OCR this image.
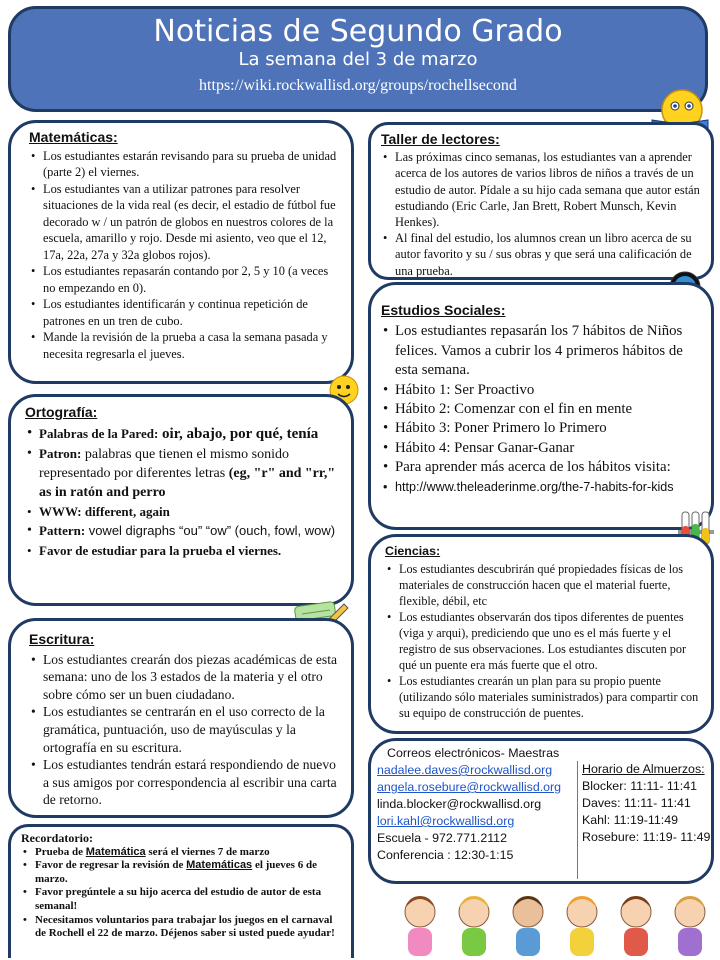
Noticias de Segundo Grado
La semana del 3 de marzo
https://wiki.rockwallisd.org/groups/rochellsecond
Matemáticas:
• Los estudiantes estarán revisando para su prueba de unidad (parte 2) el viernes.
• Los estudiantes van a utilizar patrones para resolver situaciones de la vida real (es decir, el estadio de fútbol fue decorado w / un patrón de globos en nuestros colores de la escuela, amarillo y rojo. Desde mi asiento, veo que el 12, 17a, 22a, 27a y 32a globos rojos).
• Los estudiantes repasarán contando por 2, 5 y 10 (a veces no empezando en 0).
• Los estudiantes identificarán y continua repetición de patrones en un tren de cubo.
• Mande la revisión de la prueba a casa la semana pasada y necesita regresarla el jueves.
Taller de lectores:
• Las próximas cinco semanas, los estudiantes van a aprender acerca de los autores de varios libros de niños a través de un estudio de autor. Pídale a su hijo cada semana que autor están estudiando (Eric Carle, Jan Brett, Robert Munsch, Kevin Henkes).
• Al final del estudio, los alumnos crean un libro acerca de su autor favorito y su / sus obras y que será una calificación de una prueba.
Estudios Sociales:
• Los estudiantes repasarán los 7 hábitos de Niños felices. Vamos a cubrir los 4 primeros hábitos de esta semana.
• Hábito 1: Ser Proactivo
• Hábito 2: Comenzar con el fin en mente
• Hábito 3: Poner Primero lo Primero
• Hábito 4: Pensar Ganar-Ganar
• Para aprender más acerca de los hábitos visita:
• http://www.theleaderinme.org/the-7-habits-for-kids
Ortografía:
• Palabras de la Pared: oir, abajo, por qué, tenía
• Patron: palabras que tienen el mismo sonido representado por diferentes letras (eg, "r" and "rr," as in ratón and perro
• WWW: different, again
• Pattern: vowel digraphs “ou” “ow” (ouch, fowl, wow)
• Favor de estudiar para la prueba el viernes.	Ciencias:
• Los estudiantes descubrirán qué propiedades físicas de los materiales de construcción hacen que el material fuerte, flexible, débil, etc
• Los estudiantes observarán dos tipos diferentes de puentes (viga y arqui), prediciendo que uno es el más fuerte y el registro de sus observaciones. Los estudiantes discuten por qué un puente era más fuerte que el otro.
• Los estudiantes crearán un plan para su propio puente (utilizando sólo materiales suministrados) para compartir con su equipo de construcción de puentes.
Escritura:
• Los estudiantes crearán dos piezas académicas de esta semana: uno de los 3 estados de la materia y el otro sobre cómo ser un buen ciudadano.
• Los estudiantes se centrarán en el uso correcto de la gramática, puntuación, uso de mayúsculas y la ortografía en su escritura.
• Los estudiantes tendrán estará respondiendo de nuevo a sus amigos por correspondencia al escribir una carta de retorno.
Correos electrónicos- Maestras
nadalee.daves@rockwallisd.org
angela.rosebure@rockwallisd.org
linda.blocker@rockwallisd.org
lori.kahl@rockwallisd.org
Escuela - 972.771.2112
Conferencia : 12:30-1:15
Horario de Almuerzos:
Blocker: 11:11- 11:41
Daves: 11:11- 11:41
Kahl: 11:19-11:49
Rosebure: 11:19- 11:49
Recordatorio:
• Prueba de Matemática será el viernes 7 de marzo
• Favor de regresar la revisión de Matemáticas el jueves 6 de marzo.
• Favor pregúntele a su hijo acerca del estudio de autor de esta semanal!
• Necesitamos voluntarios para trabajar los juegos en el carnaval de Rochell el 22 de marzo. Déjenos saber si usted puede ayudar!
